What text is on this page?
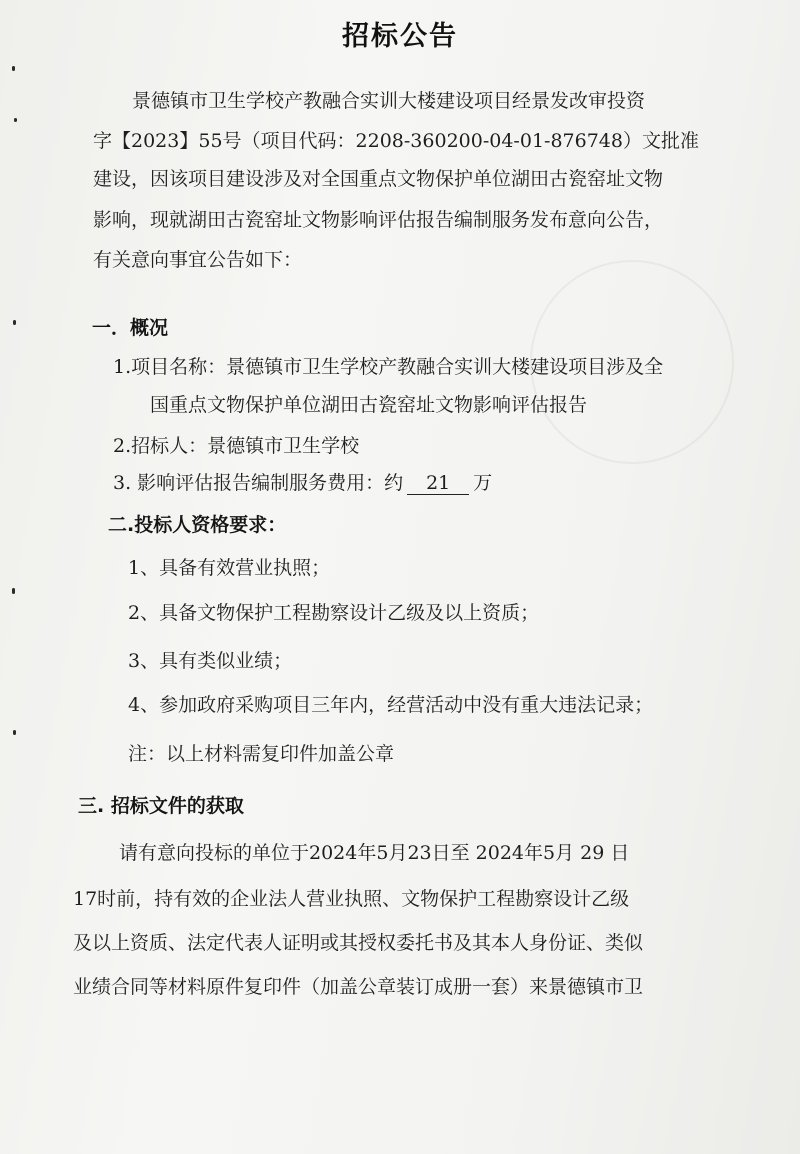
招标公告
景德镇市卫生学校产教融合实训大楼建设项目经景发改审投资
字【2023】55号（项目代码：2208-360200-04-01-876748）文批准
建设，因该项目建设涉及对全国重点文物保护单位湖田古瓷窑址文物
影响，现就湖田古瓷窑址文物影响评估报告编制服务发布意向公告，
有关意向事宜公告如下：
一．概况
1.项目名称：景德镇市卫生学校产教融合实训大楼建设项目涉及全
国重点文物保护单位湖田古瓷窑址文物影响评估报告
2.招标人：景德镇市卫生学校
3. 影响评估报告编制服务费用：约 21 万
二.投标人资格要求：
1、具备有效营业执照；
2、具备文物保护工程勘察设计乙级及以上资质；
3、具有类似业绩；
4、参加政府采购项目三年内，经营活动中没有重大违法记录；
注：以上材料需复印件加盖公章
三. 招标文件的获取
请有意向投标的单位于2024年5月23日至 2024年5月 29 日
17时前，持有效的企业法人营业执照、文物保护工程勘察设计乙级
及以上资质、法定代表人证明或其授权委托书及其本人身份证、类似
业绩合同等材料原件复印件（加盖公章装订成册一套）来景德镇市卫
